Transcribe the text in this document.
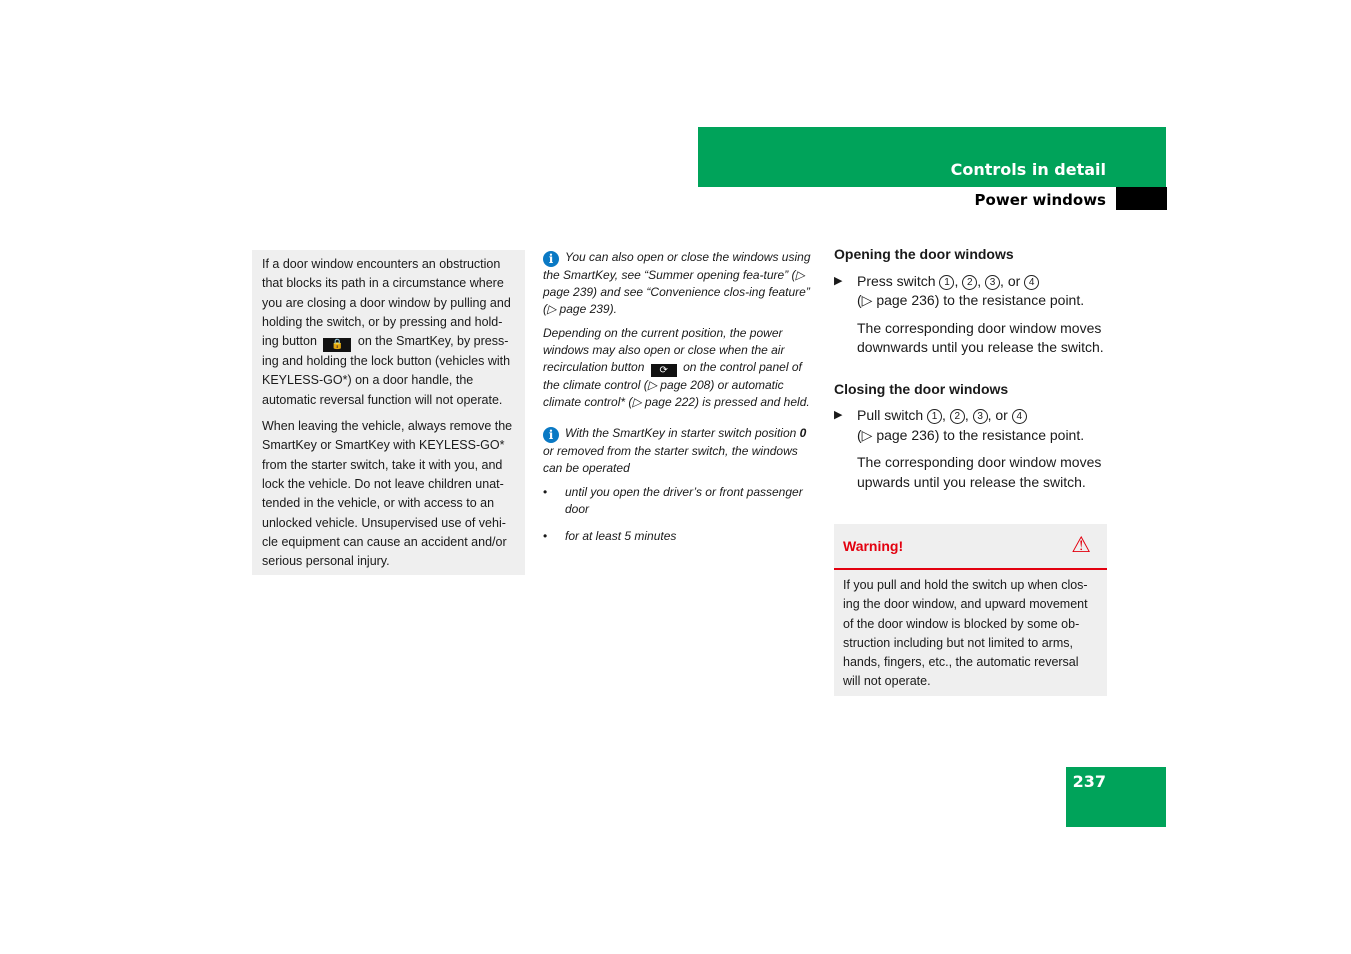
Controls in detail
Power windows

If a door window encounters an obstruction that blocks its path in a circumstance where you are closing a door window by pulling and holding the switch, or by pressing and hold-ing button 🔒 on the SmartKey, by press-ing and holding the lock button (vehicles with KEYLESS-GO*) on a door handle, the automatic reversal function will not operate.

When leaving the vehicle, always remove the SmartKey or SmartKey with KEYLESS-GO* from the starter switch, take it with you, and lock the vehicle. Do not leave children unat-tended in the vehicle, or with access to an unlocked vehicle. Unsupervised use of vehi-cle equipment can cause an accident and/or serious personal injury.

i You can also open or close the windows using the SmartKey, see “Summer opening fea-ture” (▷ page 239) and see “Convenience clos-ing feature” (▷ page 239).

Depending on the current position, the power windows may also open or close when the air recirculation button ⟳ on the control panel of the climate control (▷ page 208) or automatic climate control* (▷ page 222) is pressed and held.

i With the SmartKey in starter switch position 0 or removed from the starter switch, the windows can be operated

•	until you open the driver’s or front passenger door
•	for at least 5 minutes
Opening the door windows
▶	Press switch 1 , 2 , 3 , or 4
(▷ page 236) to the resistance point.
The corresponding door window moves downwards until you release the switch.
Closing the door windows
▶	Pull switch 1 , 2 , 3 , or 4
(▷ page 236) to the resistance point.
The corresponding door window moves upwards until you release the switch.
Warning!	⚠
If you pull and hold the switch up when clos-ing the door window, and upward movement of the door window is blocked by some ob-struction including but not limited to arms, hands, fingers, etc., the automatic reversal will not operate.
237
